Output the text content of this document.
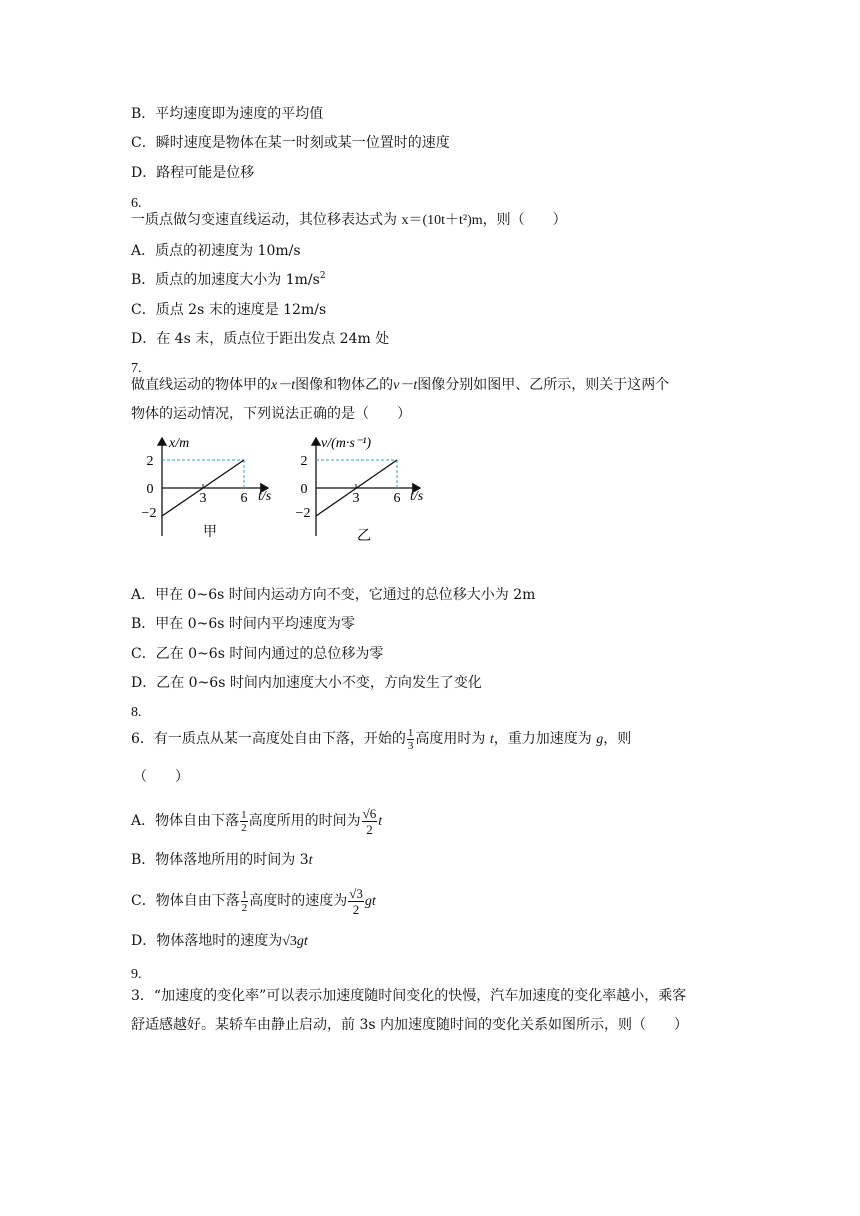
B．平均速度即为速度的平均值
C．瞬时速度是物体在某一时刻或某一位置时的速度
D．路程可能是位移
6.
一质点做匀变速直线运动，其位移表达式为 x＝(10t＋t²)m，则（　　）
A．质点的初速度为 10m/s
B．质点的加速度大小为 $1m/s^2$
C．质点 2s 末的速度是 12m/s
D．在 4s 末，质点位于距出发点 24m 处
7.
做直线运动的物体甲的x－t图像和物体乙的v－t图像分别如图甲、乙所示，则关于这两个
物体的运动情况，下列说法正确的是（　　）
x/m
t/s
2
0
−2
3 6
甲
v/(m·s⁻¹)
t/s
2
0
−2
3 6
乙
A．甲在 0~6s 时间内运动方向不变，它通过的总位移大小为 2m
B．甲在 0~6s 时间内平均速度为零
C．乙在 0~6s 时间内通过的总位移为零
D．乙在 0~6s 时间内加速度大小不变，方向发生了变化
8.
6．有一质点从某一高度处自由下落，开始的 $\frac{1}{3}$ 高度用时为 t，重力加速度为 g，则
（　　）
A．物体自由下落 $\frac{1}{2}$ 高度所用的时间为 $\frac{√6}{2}$ t
B．物体落地所用的时间为 3t
C．物体自由下落 $\frac{1}{2}$ 高度时的速度为 $\frac{√3}{2}$ gt
D．物体落地时的速度为√3gt
9.
3．“加速度的变化率”可以表示加速度随时间变化的快慢，汽车加速度的变化率越小，乘客
舒适感越好。某轿车由静止启动，前 3s 内加速度随时间的变化关系如图所示，则（　　）
